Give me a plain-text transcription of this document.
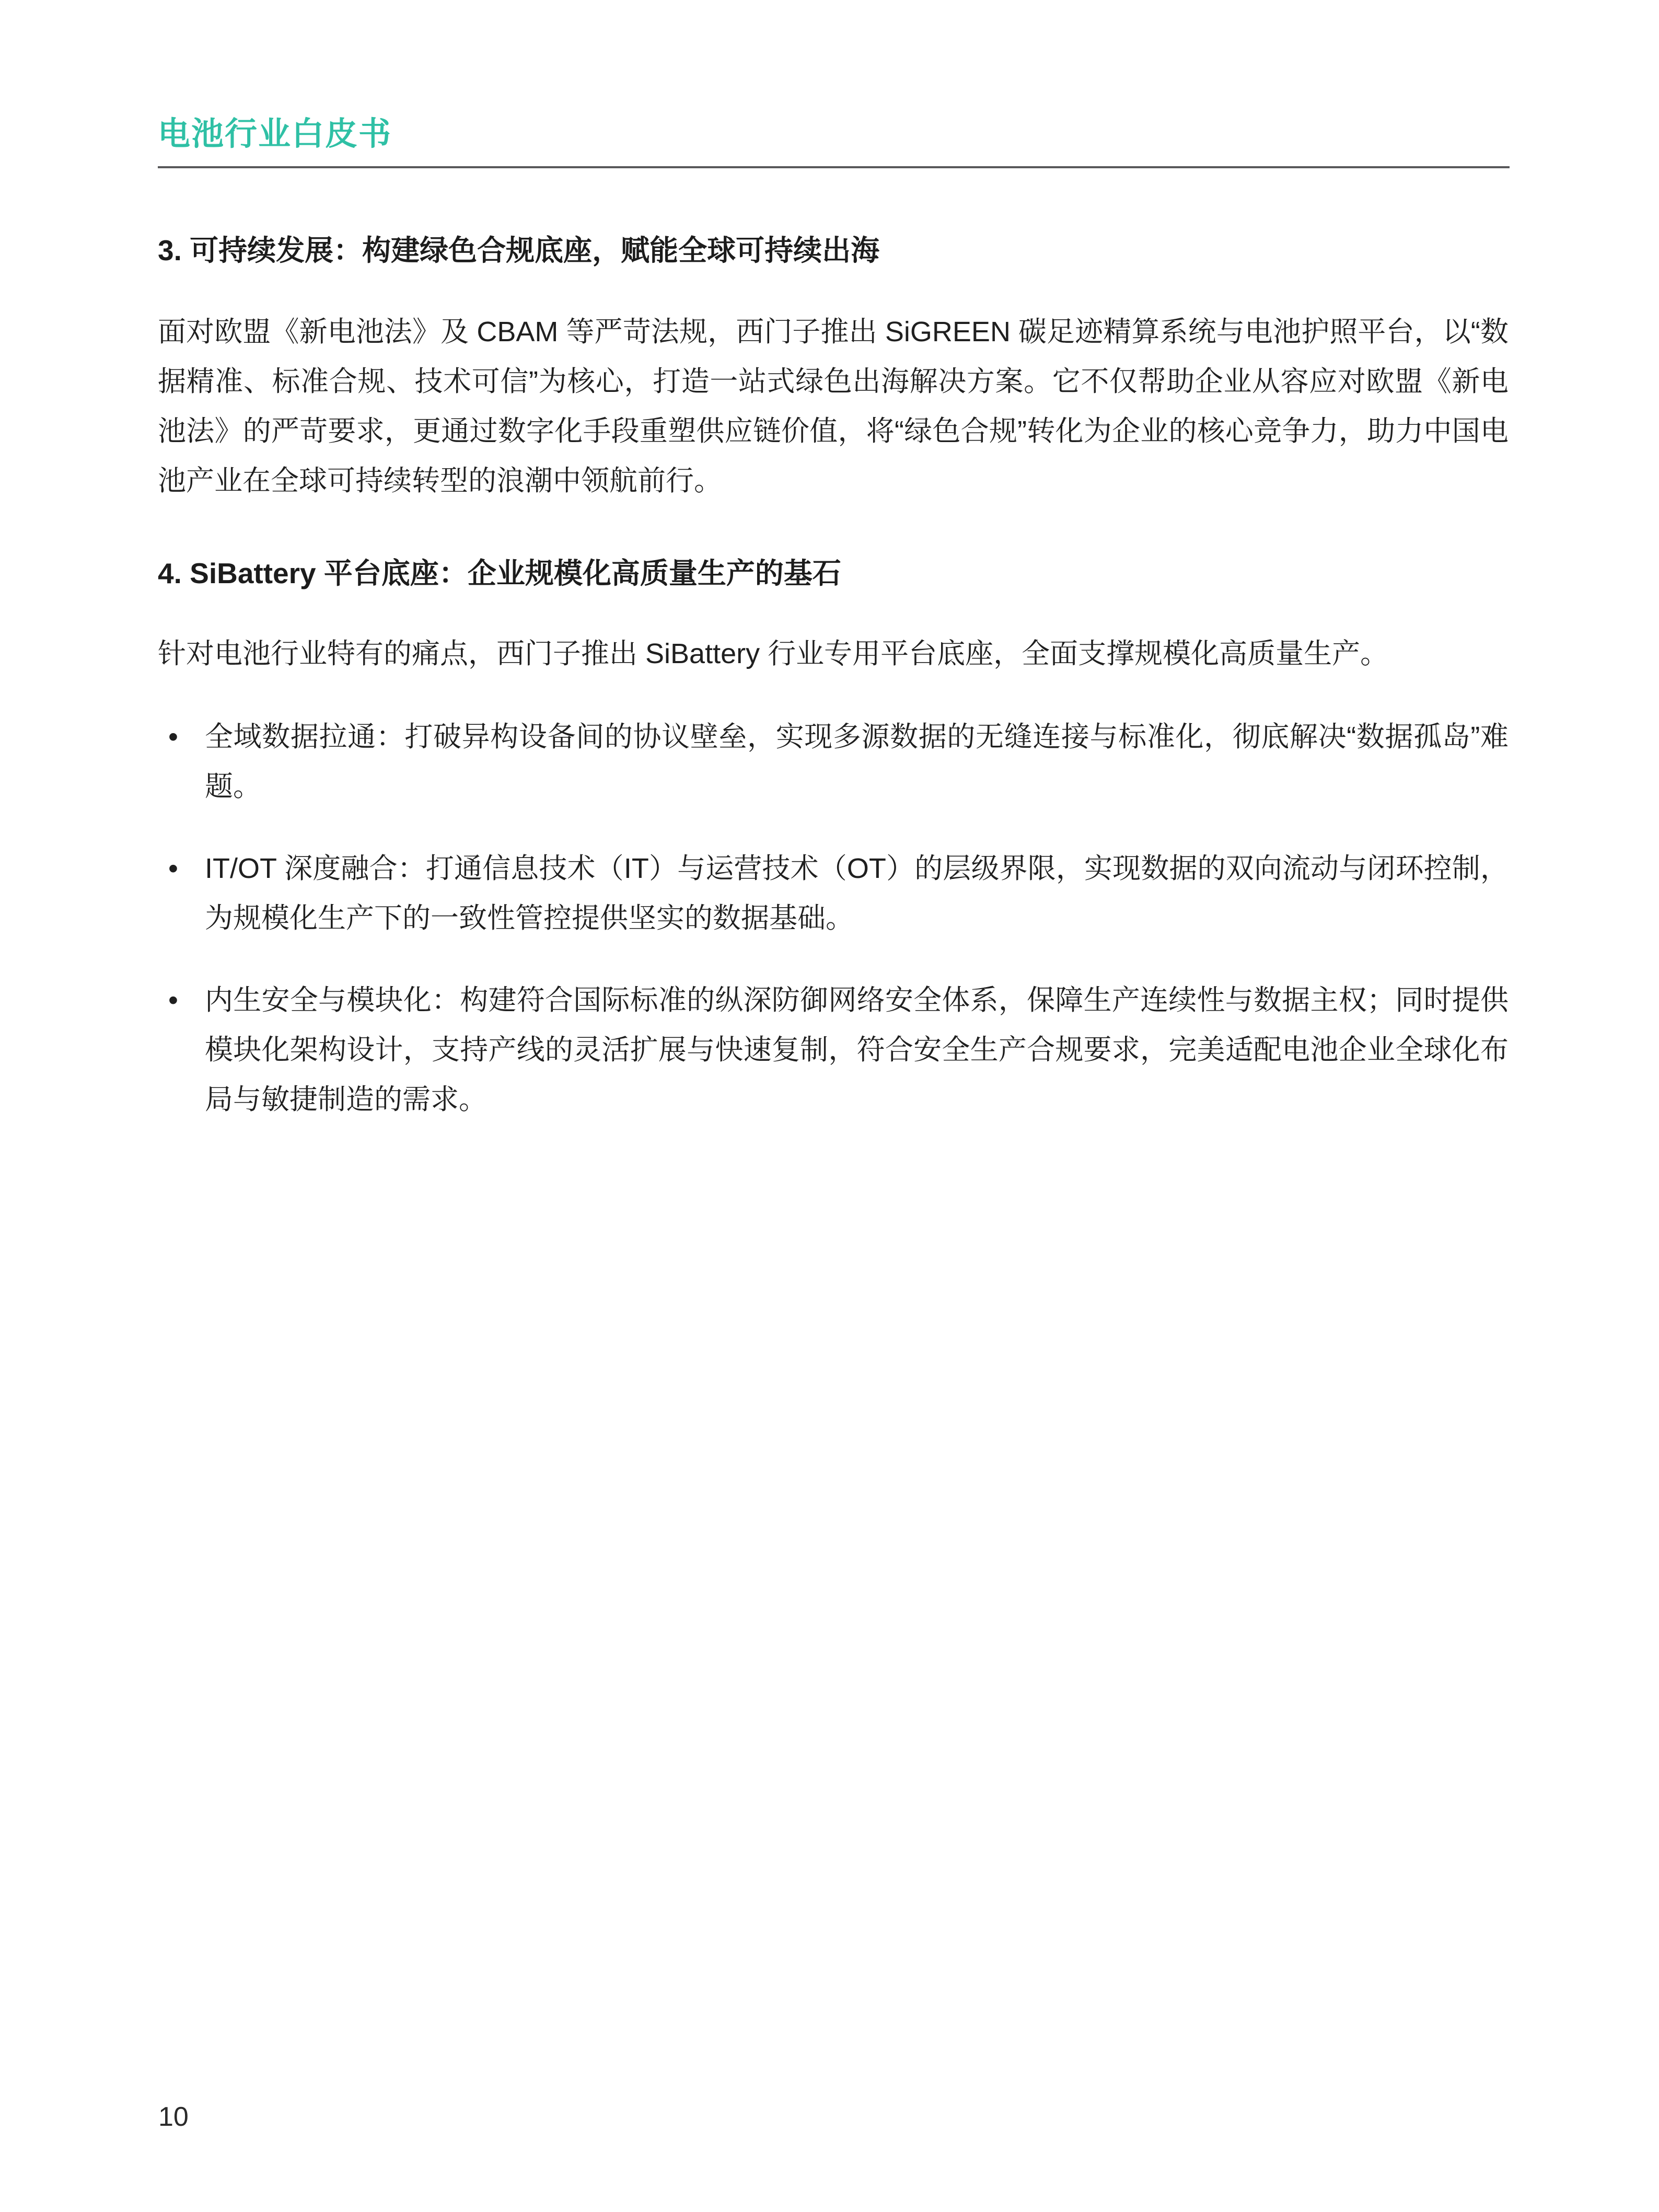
电池行业白皮书
3. 可持续发展：构建绿色合规底座，赋能全球可持续出海

面对欧盟《新电池法》及 CBAM 等严苛法规，西门子推出 SiGREEN 碳足迹精算系统与电池护照平台，以“数据精准、标准合规、技术可信”为核心，打造一站式绿色出海解决方案。它不仅帮助企业从容应对欧盟《新电池法》的严苛要求，更通过数字化手段重塑供应链价值，将“绿色合规”转化为企业的核心竞争力，助力中国电池产业在全球可持续转型的浪潮中领航前行。

4. SiBattery 平台底座：企业规模化高质量生产的基石

针对电池行业特有的痛点，西门子推出 SiBattery 行业专用平台底座，全面支撑规模化高质量生产。

• 全域数据拉通：打破异构设备间的协议壁垒，实现多源数据的无缝连接与标准化，彻底解决“数据孤岛”难题。
• IT/OT 深度融合：打通信息技术（IT）与运营技术（OT）的层级界限，实现数据的双向流动与闭环控制，为规模化生产下的一致性管控提供坚实的数据基础。
• 内生安全与模块化：构建符合国际标准的纵深防御网络安全体系，保障生产连续性与数据主权；同时提供模块化架构设计，支持产线的灵活扩展与快速复制，符合安全生产合规要求，完美适配电池企业全球化布局与敏捷制造的需求。
10
